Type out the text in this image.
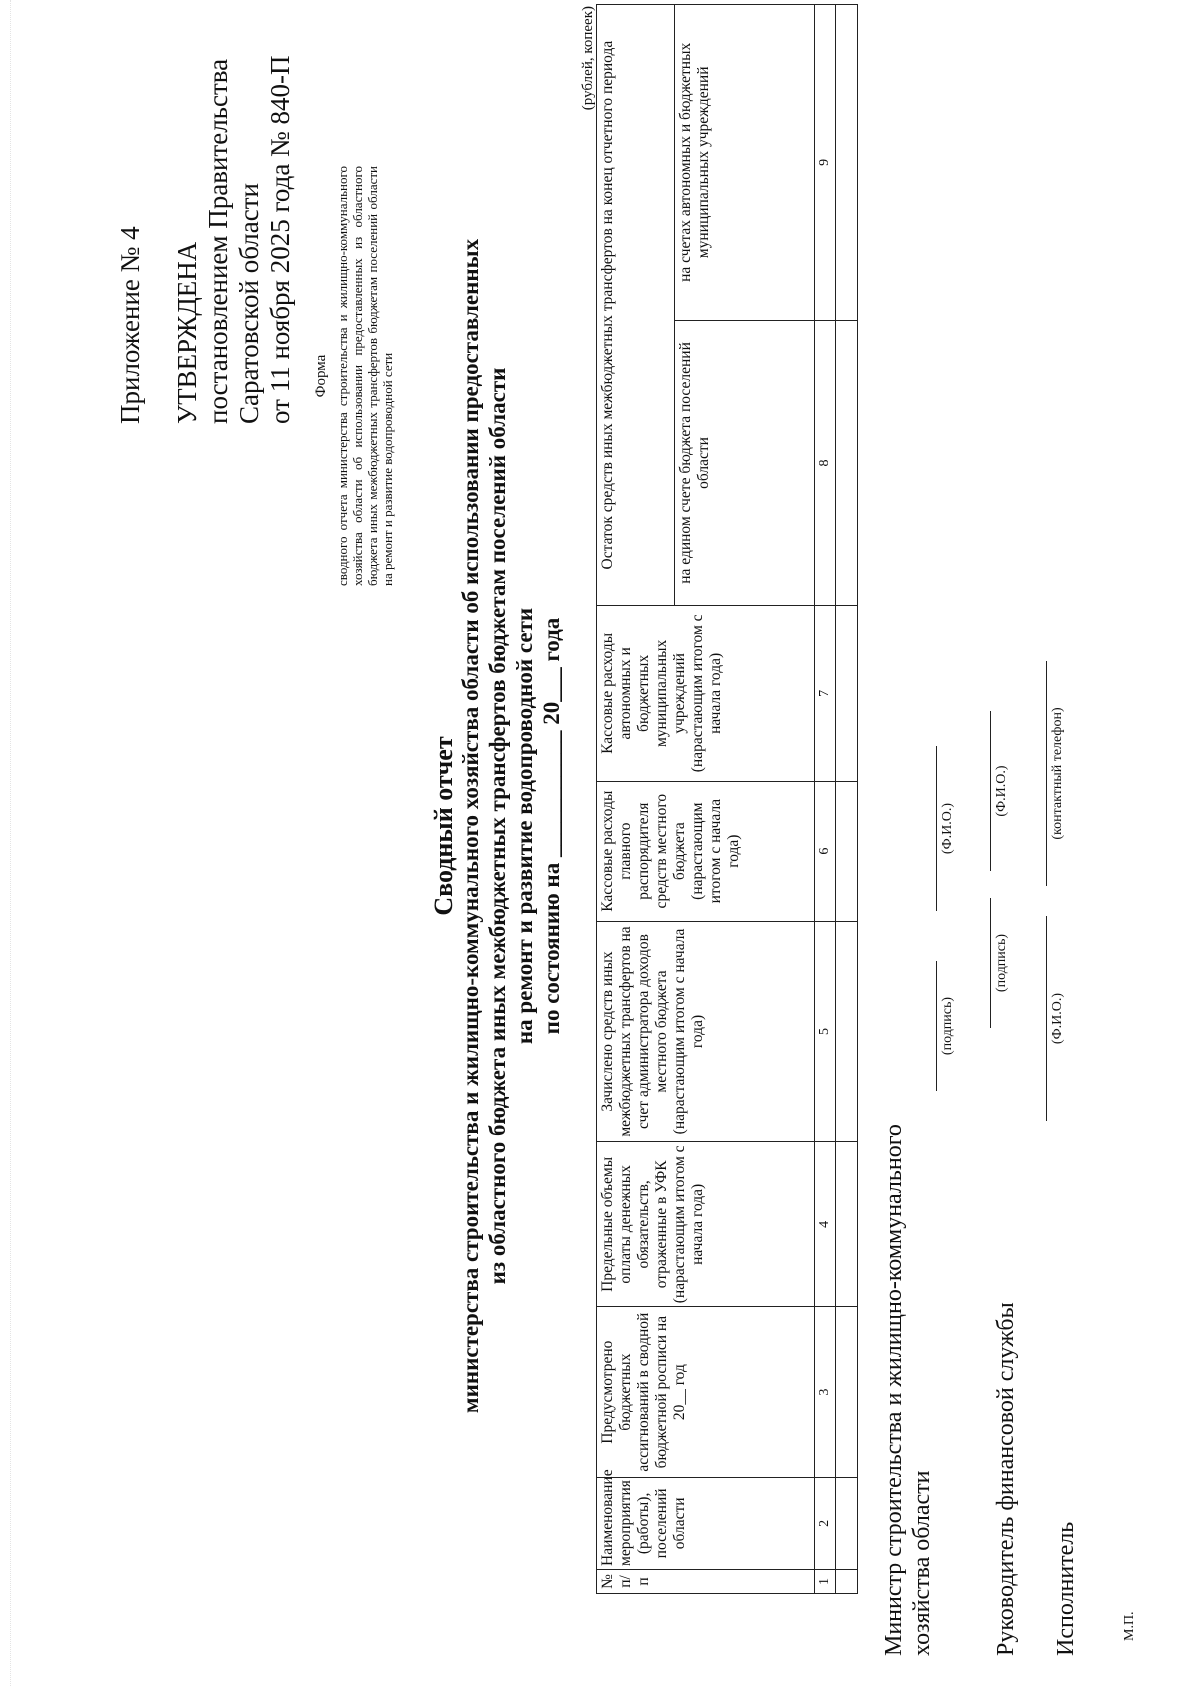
Приложение № 4 УТВЕРЖДЕНА постановлением Правительства Саратовской области от 11 ноября 2025 года № 840-П Форма сводного отчета министерства строительства и жилищно-коммунального хозяйства области об использовании предоставленных из областного бюджета иных межбюджетных трансфертов бюджетам поселений области на ремонт и развитие водопроводной сети
Сводный отчет министерства строительства и жилищно-коммунального хозяйства области об использовании предоставленных из областного бюджета иных межбюджетных трансфертов бюджетам поселений области на ремонт и развитие водопроводной сети по состоянию на ___________ 20___ года
(рублей, копеек)
№ п/п	Наименование мероприятия (работы), поселений области	Предусмотрено бюджетных ассигнований в сводной бюджетной росписи на 20__ год	Предельные объемы оплаты денежных обязательств, отраженные в УФК (нарастающим итогом с начала года)	Зачислено средств иных межбюджетных трансфертов на счет администратора доходов местного бюджета (нарастающим итогом с начала года)	Кассовые расходы главного распорядителя средств местного бюджета (нарастающим итогом с начала года)	Кассовые расходы автономных и бюджетных муниципальных учреждений (нарастающим итогом с начала года)	Остаток средств иных межбюджетных трансфертов на конец отчетного периода	
							на едином счете бюджета поселений области	на счетах автономных и бюджетных муниципальных учреждений
1	2	3	4	5	6	7	8	9

Министр строительства и жилищно-коммунального хозяйства области
(подпись)
(Ф.И.О.)
Руководитель финансовой службы
(подпись)
(Ф.И.О.)
Исполнитель
(Ф.И.О.)
(контактный телефон)
М.П.
